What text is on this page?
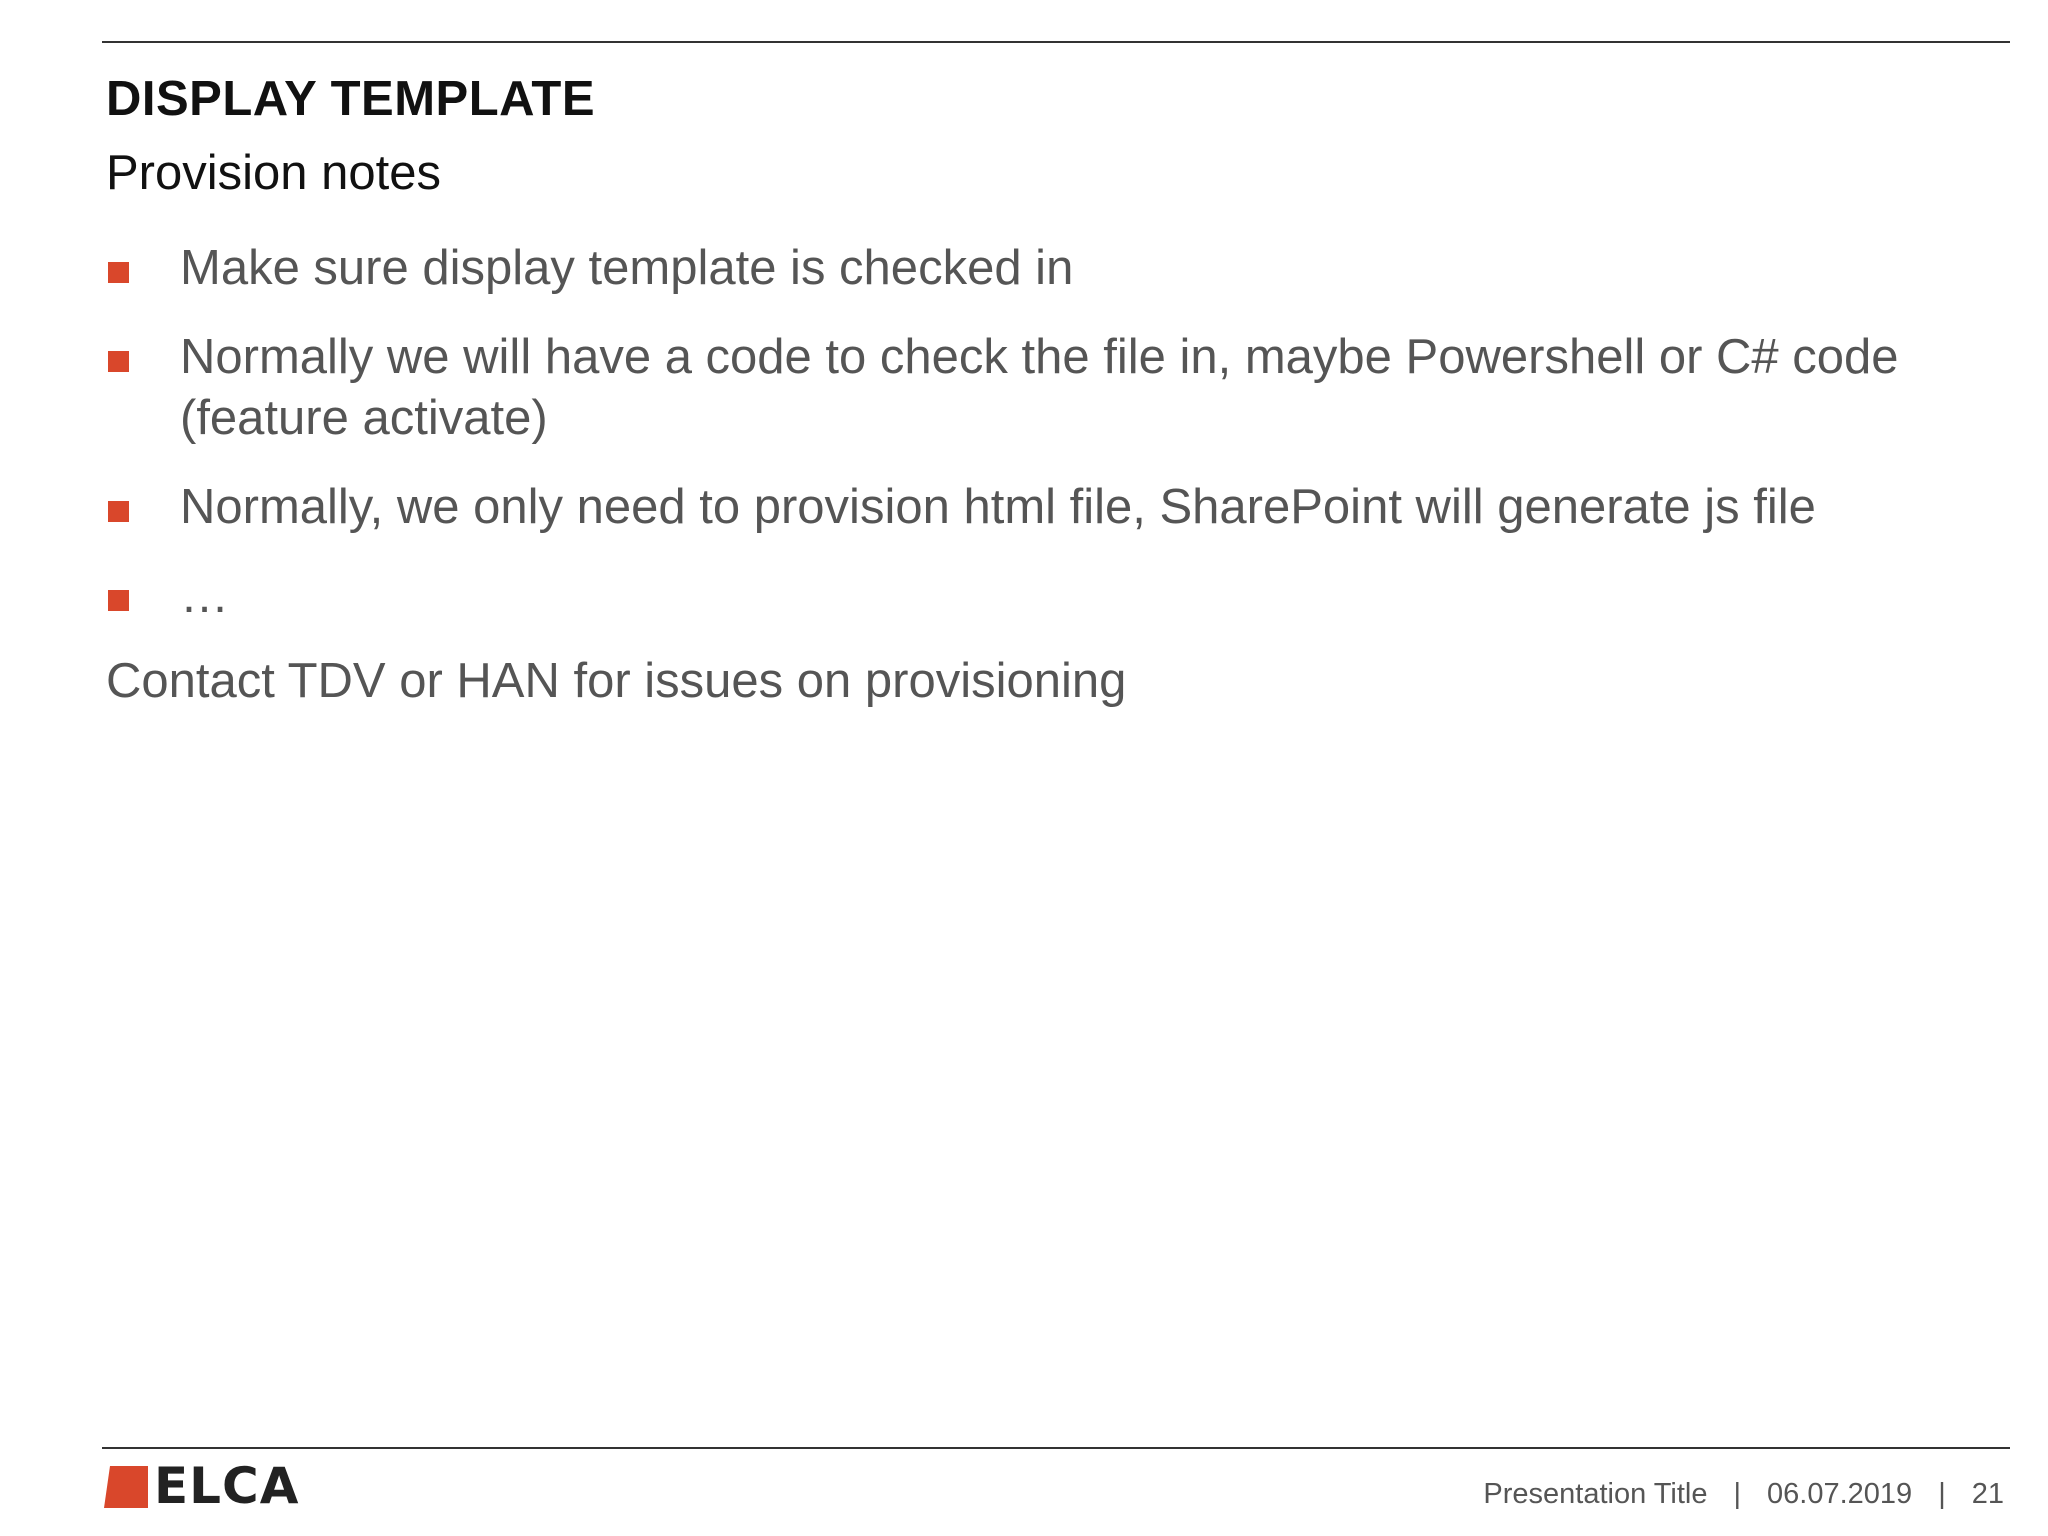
DISPLAY TEMPLATE
Provision notes
Make sure display template is checked in
Normally we will have a code to check the file in, maybe Powershell or C# code (feature activate)
Normally, we only need to provision html file, SharePoint will generate js file
…
Contact TDV or HAN for issues on provisioning
ELCA	Presentation Title | 06.07.2019 | 21
